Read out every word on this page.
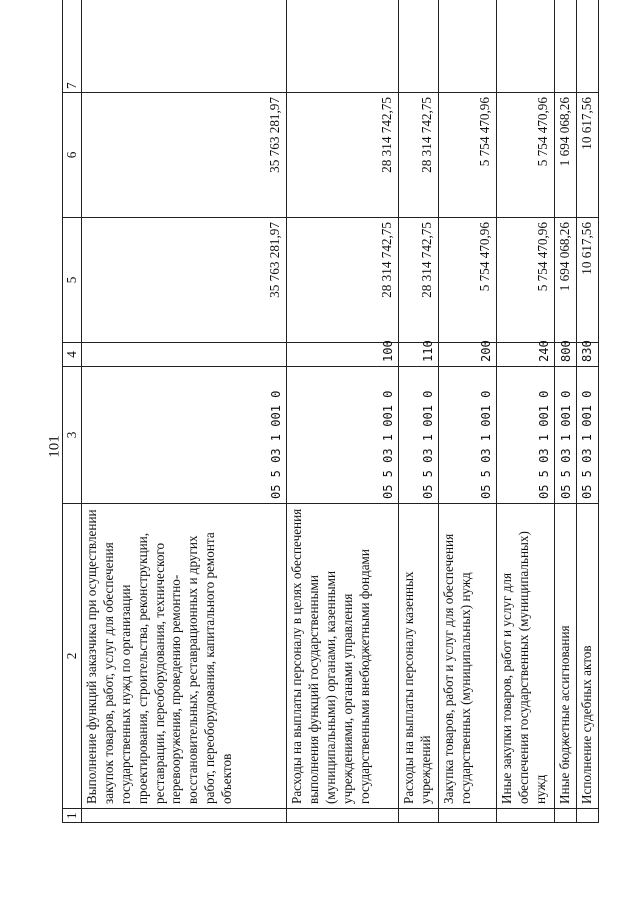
101
1	2	3	4	5	6	7
	Выполнение функций заказчика при осуществлении закупок товаров, работ, услуг для обеспечения государственных нужд по организации проектирования, строительства, реконструкции, реставрации, переоборудования, технического перевооружения, проведению ремонтно-восстановительных, реставрационных и других работ, переоборудования, капитального ремонта объектов	05 5 03 1 001 0		35 763 281,97	35 763 281,97	
	Расходы на выплаты персоналу в целях обеспечения выполнения функций государственными (муниципальными) органами, казенными учреждениями, органами управления государственными внебюджетными фондами	05 5 03 1 001 0	100	28 314 742,75	28 314 742,75	
	Расходы на выплаты персоналу казенных учреждений	05 5 03 1 001 0	110	28 314 742,75	28 314 742,75	
	Закупка товаров, работ и услуг для обеспечения государственных (муниципальных) нужд	05 5 03 1 001 0	200	5 754 470,96	5 754 470,96	
	Иные закупки товаров, работ и услуг для обеспечения государственных (муниципальных) нужд	05 5 03 1 001 0	240	5 754 470,96	5 754 470,96	
	Иные бюджетные ассигнования	05 5 03 1 001 0	800	1 694 068,26	1 694 068,26	
	Исполнение судебных актов	05 5 03 1 001 0	830	10 617,56	10 617,56	
